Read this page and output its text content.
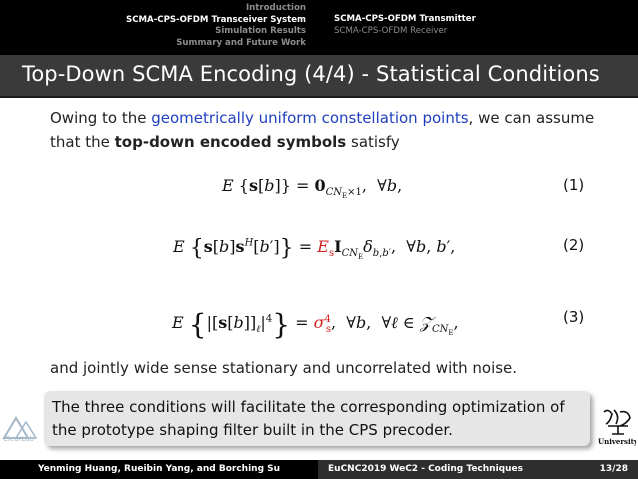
Introduction
SCMA-CPS-OFDM Transceiver System
Simulation Results
Summary and Future Work
SCMA-CPS-OFDM Transmitter
SCMA-CPS-OFDM Receiver
Top-Down SCMA Encoding (4/4) - Statistical Conditions
Owing to the geometrically uniform constellation points, we can assume that the top-down encoded symbols satisfy
E $\{s[b]\} = 0_{CN_E\times 1}$,  ∀b,	(1)
E $\{s[b]s^H[b']\} = E_sI_{CN_E}\delta_{b,b'}$,  ∀b, b′,	(2)
E $\{|[s[b]]_\ell|^4\} = \sigma^4_s$,  ∀b,  ∀ℓ ∈ 𝒵$_{CN_E}$,	(3)
and jointly wide sense stationary and uncorrelated with noise.

The three conditions will facilitate the corresponding optimization of the prototype shaping filter built in the CPS precoder.

ClearLab	University
Yenming Huang, Rueibin Yang, and Borching Su	EuCNC2019 WeC2 - Coding Techniques	13/28
